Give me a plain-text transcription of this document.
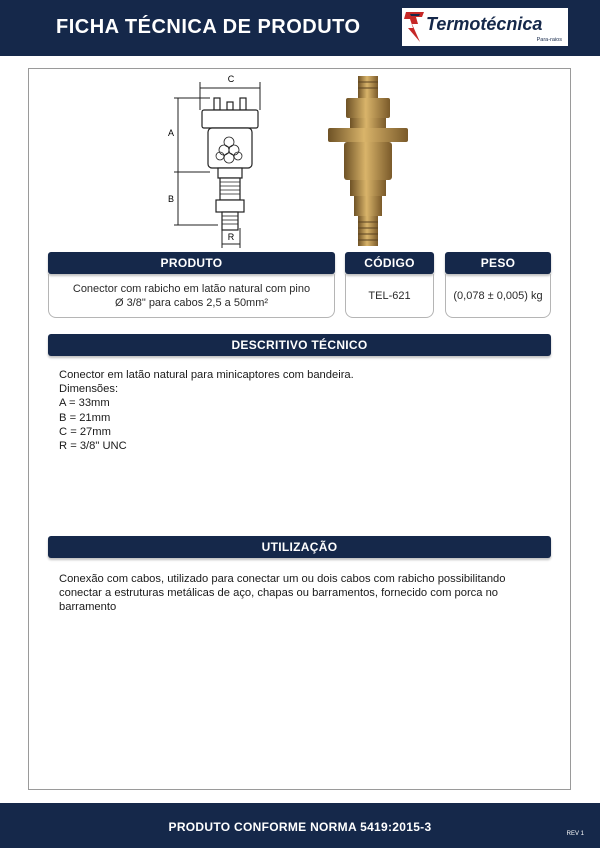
FICHA TÉCNICA DE PRODUTO	Termotécnica
Para-raios
C
A
B
R
PRODUTO	CÓDIGO	PESO
Conector com rabicho em latão natural com pino
Ø 3/8" para cabos 2,5 a 50mm²
TEL-621	(0,078 ± 0,005) kg
DESCRITIVO TÉCNICO
Conector em latão natural para minicaptores com bandeira.
Dimensões:
A = 33mm
B = 21mm
C = 27mm
R = 3/8" UNC
UTILIZAÇÃO
Conexão com cabos, utilizado para conectar um ou dois cabos com rabicho possibilitando
conectar a estruturas metálicas de aço, chapas ou barramentos, fornecido com porca no
barramento
PRODUTO CONFORME NORMA 5419:2015-3	REV 1
